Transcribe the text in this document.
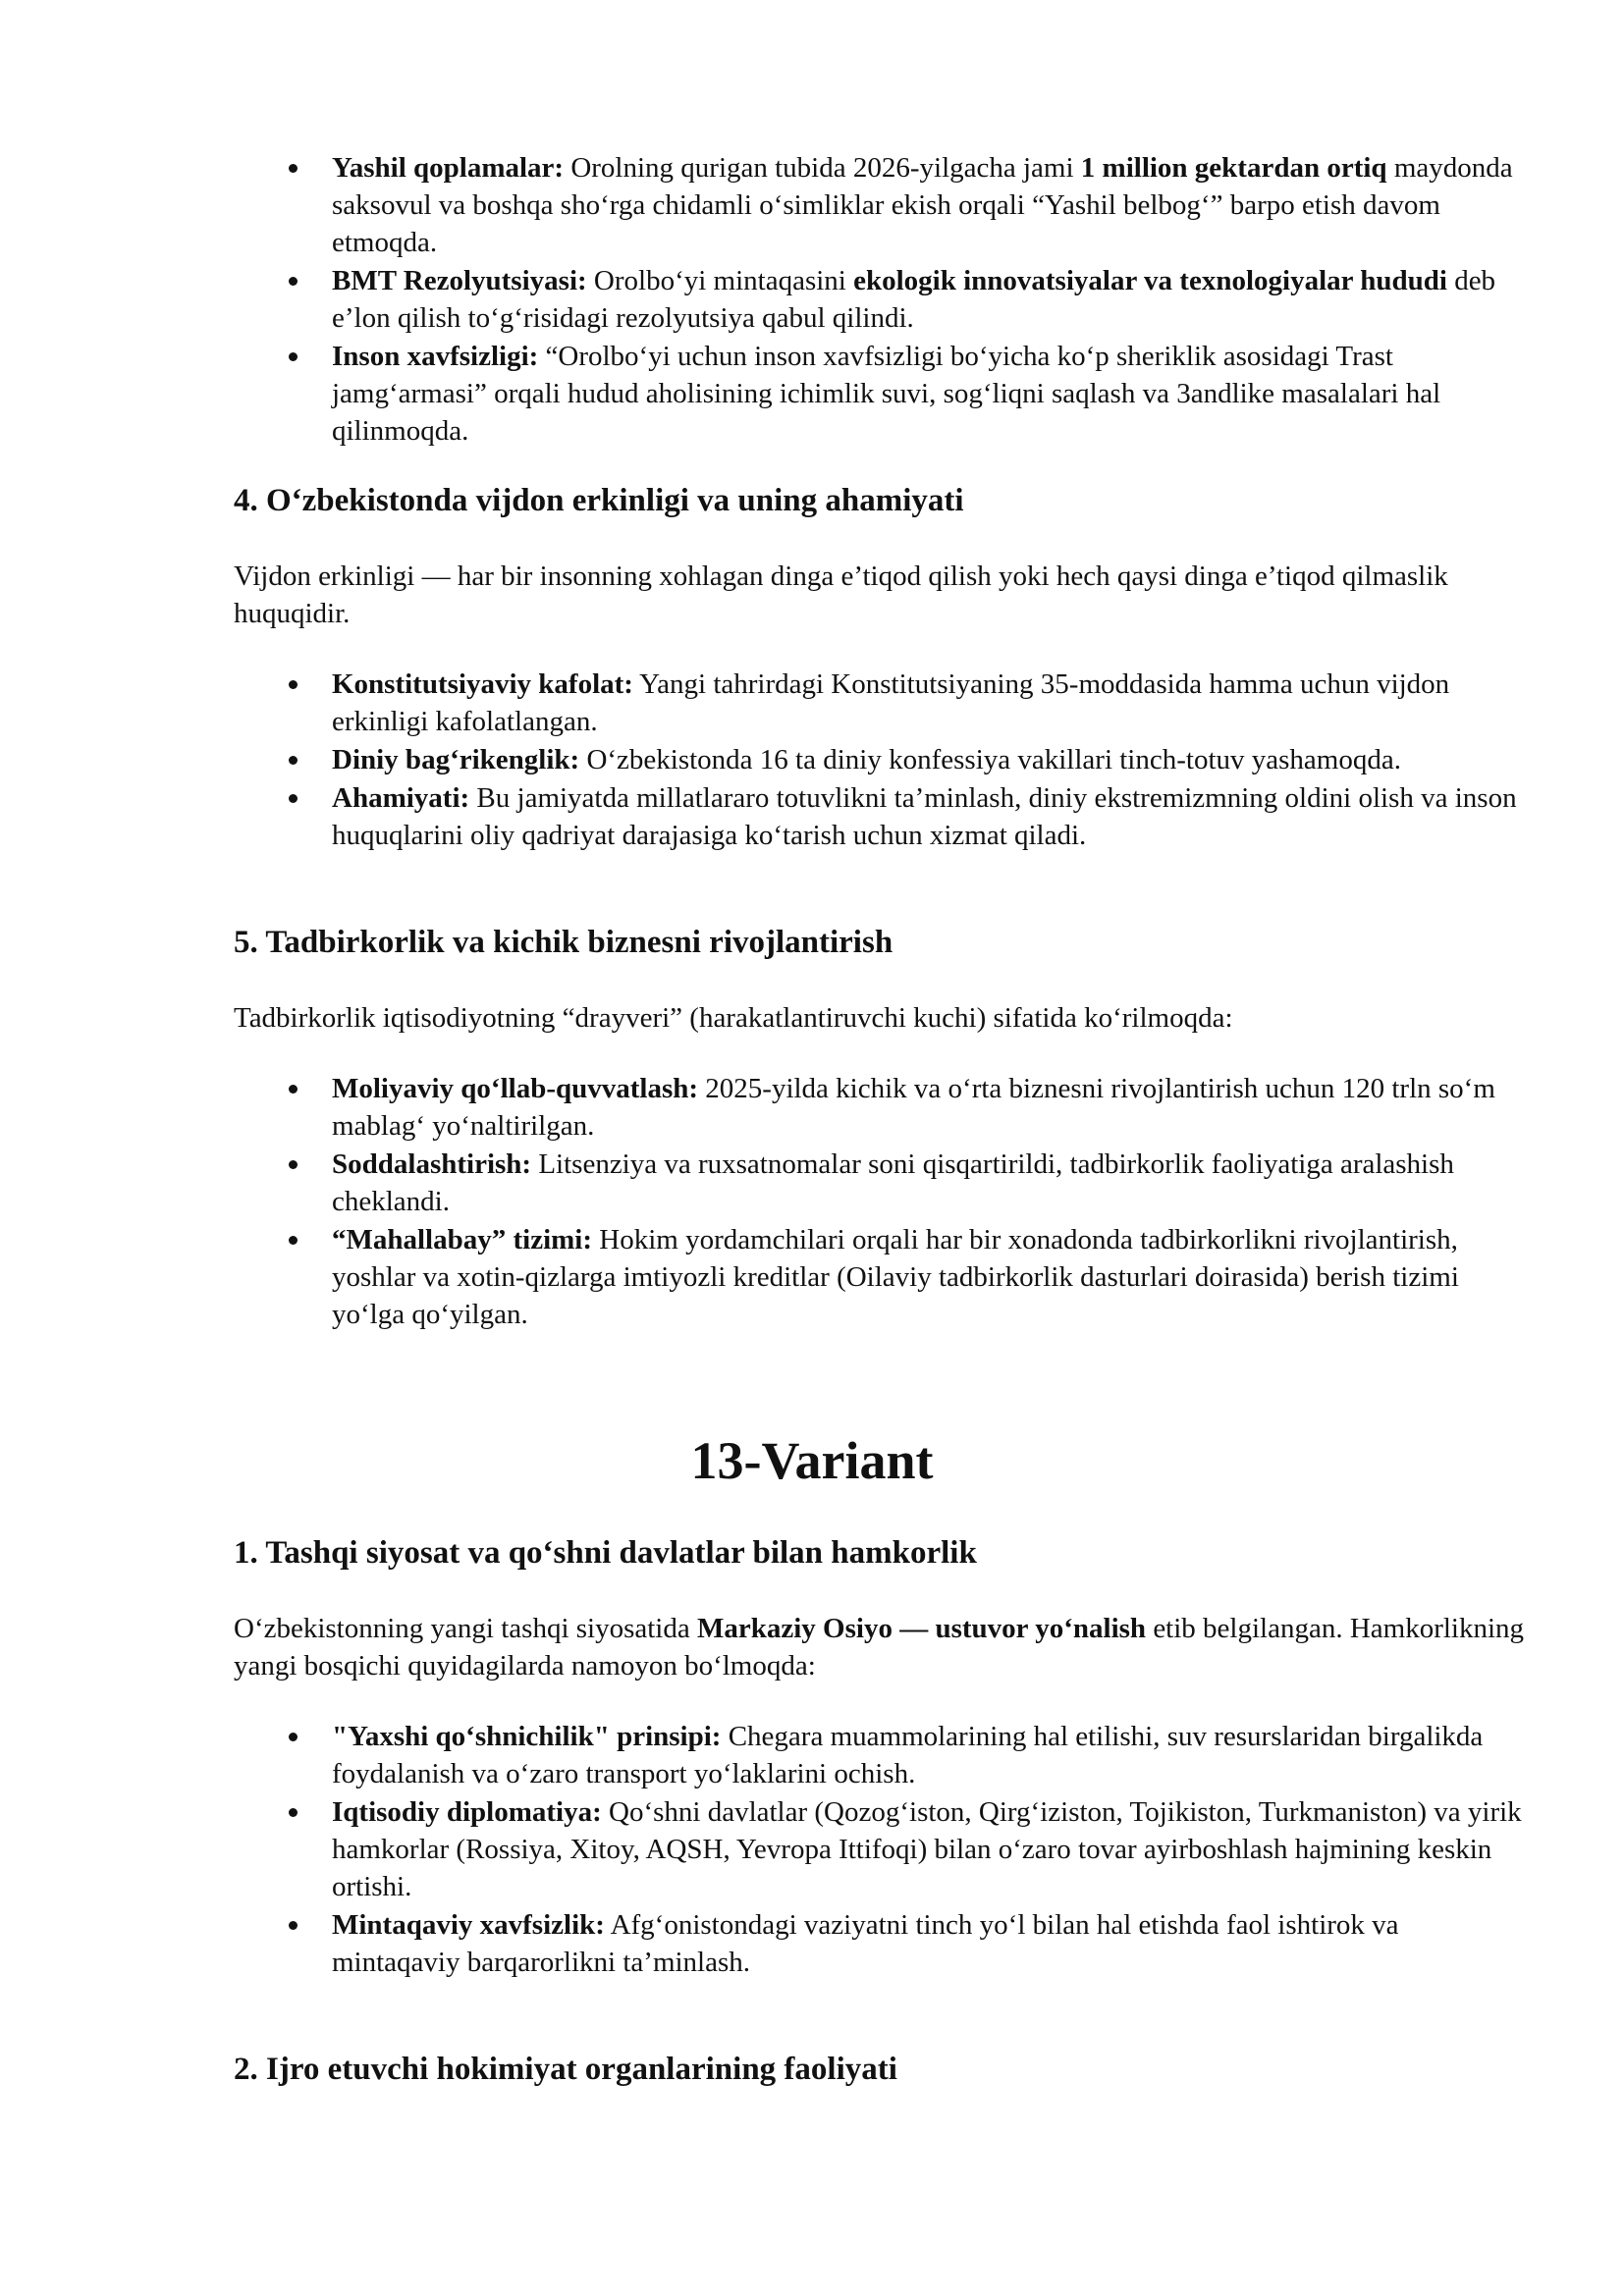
Yashil qoplamalar: Orolning qurigan tubida 2026-yilgacha jami 1 million gektardan ortiq maydonda saksovul va boshqa sho‘rga chidamli o‘simliklar ekish orqali “Yashil belbog‘” barpo etish davom etmoqda.
BMT Rezolyutsiyasi: Orolbo‘yi mintaqasini ekologik innovatsiyalar va texnologiyalar hududi deb e’lon qilish to‘g‘risidagi rezolyutsiya qabul qilindi.
Inson xavfsizligi: “Orolbo‘yi uchun inson xavfsizligi bo‘yicha ko‘p sheriklik asosidagi Trast jamg‘armasi” orqali hudud aholisining ichimlik suvi, sog‘liqni saqlash va 3andlike masalalari hal qilinmoqda.
4. O‘zbekistonda vijdon erkinligi va uning ahamiyati

Vijdon erkinligi — har bir insonning xohlagan dinga e’tiqod qilish yoki hech qaysi dinga e’tiqod qilmaslik huquqidir.

Konstitutsiyaviy kafolat: Yangi tahrirdagi Konstitutsiyaning 35-moddasida hamma uchun vijdon erkinligi kafolatlangan.
Diniy bag‘rikenglik: O‘zbekistonda 16 ta diniy konfessiya vakillari tinch-totuv yashamoqda.
Ahamiyati: Bu jamiyatda millatlararo totuvlikni ta’minlash, diniy ekstremizmning oldini olish va inson huquqlarini oliy qadriyat darajasiga ko‘tarish uchun xizmat qiladi.
5. Tadbirkorlik va kichik biznesni rivojlantirish

Tadbirkorlik iqtisodiyotning “drayveri” (harakatlantiruvchi kuchi) sifatida ko‘rilmoqda:

Moliyaviy qo‘llab-quvvatlash: 2025-yilda kichik va o‘rta biznesni rivojlantirish uchun 120 trln so‘m mablag‘ yo‘naltirilgan.
Soddalashtirish: Litsenziya va ruxsatnomalar soni qisqartirildi, tadbirkorlik faoliyatiga aralashish cheklandi.
“Mahallabay” tizimi: Hokim yordamchilari orqali har bir xonadonda tadbirkorlikni rivojlantirish, yoshlar va xotin-qizlarga imtiyozli kreditlar (Oilaviy tadbirkorlik dasturlari doirasida) berish tizimi yo‘lga qo‘yilgan.
13-Variant
1. Tashqi siyosat va qo‘shni davlatlar bilan hamkorlik

O‘zbekistonning yangi tashqi siyosatida Markaziy Osiyo — ustuvor yo‘nalish etib belgilangan. Hamkorlikning yangi bosqichi quyidagilarda namoyon bo‘lmoqda:

"Yaxshi qo‘shnichilik" prinsipi: Chegara muammolarining hal etilishi, suv resurslaridan birgalikda foydalanish va o‘zaro transport yo‘laklarini ochish.
Iqtisodiy diplomatiya: Qo‘shni davlatlar (Qozog‘iston, Qirg‘iziston, Tojikiston, Turkmaniston) va yirik hamkorlar (Rossiya, Xitoy, AQSH, Yevropa Ittifoqi) bilan o‘zaro tovar ayirboshlash hajmining keskin ortishi.
Mintaqaviy xavfsizlik: Afg‘onistondagi vaziyatni tinch yo‘l bilan hal etishda faol ishtirok va mintaqaviy barqarorlikni ta’minlash.
2. Ijro etuvchi hokimiyat organlarining faoliyati
